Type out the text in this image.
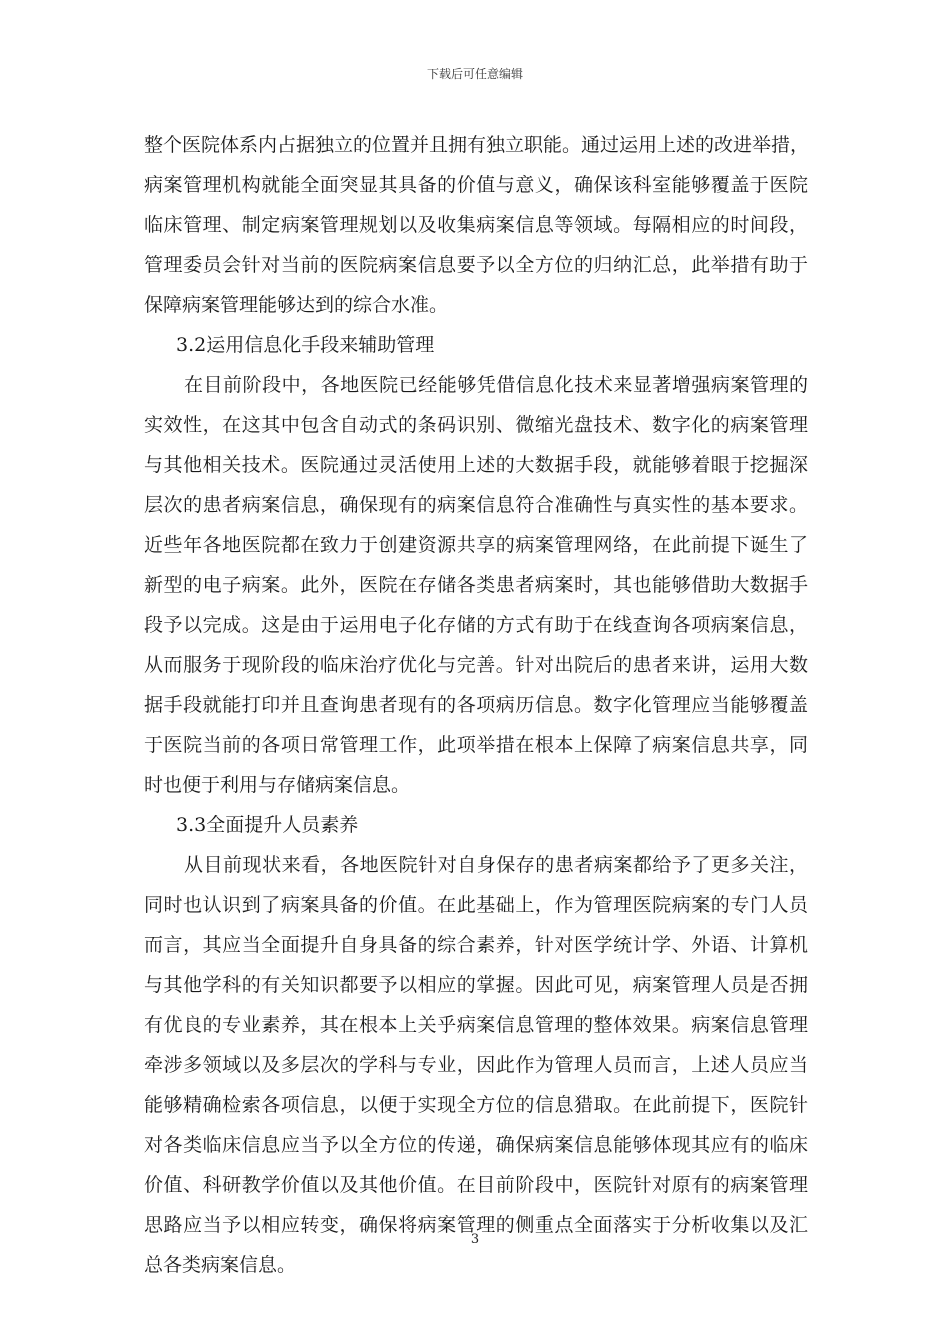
下载后可任意编辑
整个医院体系内占据独立的位置并且拥有独立职能。通过运用上述的改进举措，
病案管理机构就能全面突显其具备的价值与意义，确保该科室能够覆盖于医院
临床管理、制定病案管理规划以及收集病案信息等领域。每隔相应的时间段，
管理委员会针对当前的医院病案信息要予以全方位的归纳汇总，此举措有助于
保障病案管理能够达到的综合水准。
3.2运用信息化手段来辅助管理
在目前阶段中，各地医院已经能够凭借信息化技术来显著增强病案管理的
实效性，在这其中包含自动式的条码识别、微缩光盘技术、数字化的病案管理
与其他相关技术。医院通过灵活使用上述的大数据手段，就能够着眼于挖掘深
层次的患者病案信息，确保现有的病案信息符合准确性与真实性的基本要求。
近些年各地医院都在致力于创建资源共享的病案管理网络，在此前提下诞生了
新型的电子病案。此外，医院在存储各类患者病案时，其也能够借助大数据手
段予以完成。这是由于运用电子化存储的方式有助于在线查询各项病案信息，
从而服务于现阶段的临床治疗优化与完善。针对出院后的患者来讲，运用大数
据手段就能打印并且查询患者现有的各项病历信息。数字化管理应当能够覆盖
于医院当前的各项日常管理工作，此项举措在根本上保障了病案信息共享，同
时也便于利用与存储病案信息。
3.3全面提升人员素养
从目前现状来看，各地医院针对自身保存的患者病案都给予了更多关注，
同时也认识到了病案具备的价值。在此基础上，作为管理医院病案的专门人员
而言，其应当全面提升自身具备的综合素养，针对医学统计学、外语、计算机
与其他学科的有关知识都要予以相应的掌握。因此可见，病案管理人员是否拥
有优良的专业素养，其在根本上关乎病案信息管理的整体效果。病案信息管理
牵涉多领域以及多层次的学科与专业，因此作为管理人员而言，上述人员应当
能够精确检索各项信息，以便于实现全方位的信息猎取。在此前提下，医院针
对各类临床信息应当予以全方位的传递，确保病案信息能够体现其应有的临床
价值、科研教学价值以及其他价值。在目前阶段中，医院针对原有的病案管理
思路应当予以相应转变，确保将病案管理的侧重点全面落实于分析收集以及汇
总各类病案信息。
3
